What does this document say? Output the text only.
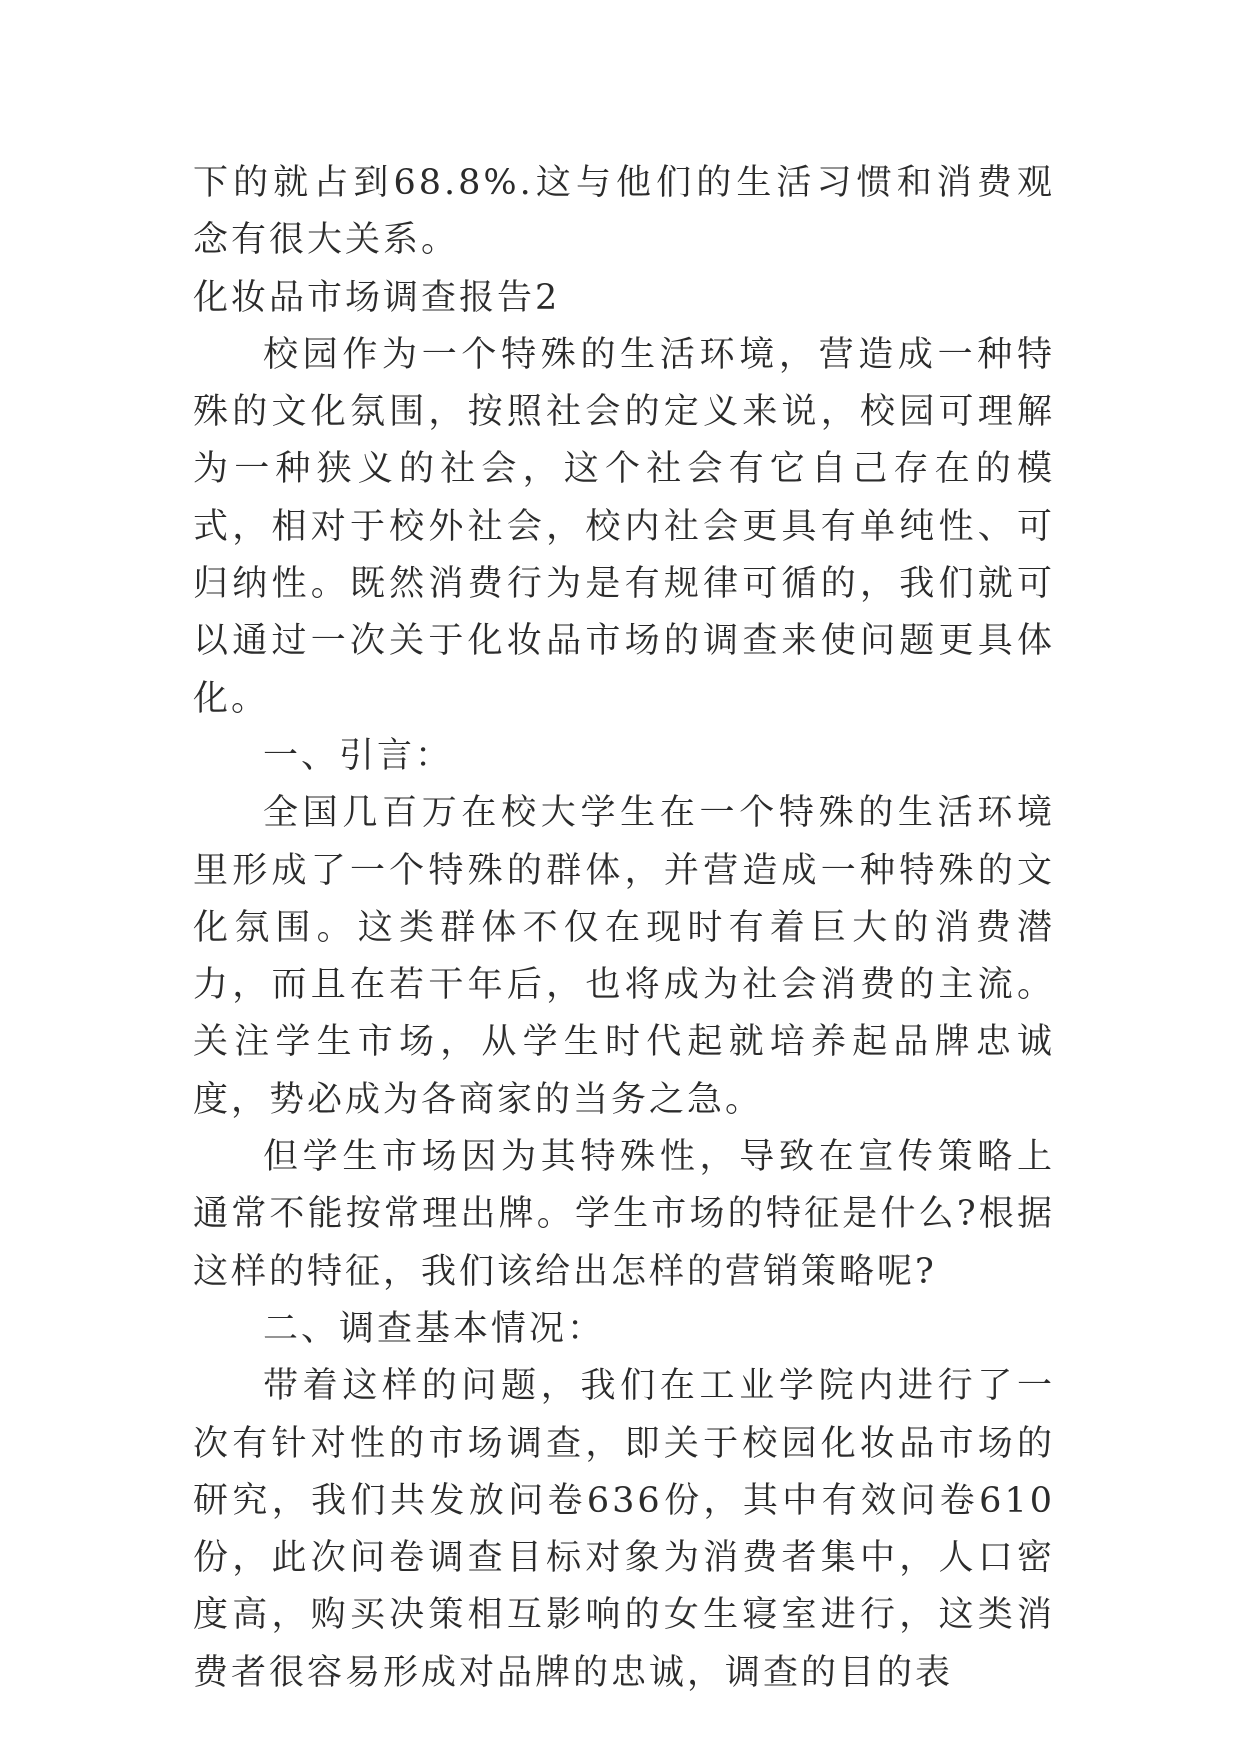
下的就占到68.8%.这与他们的生活习惯和消费观念有很大关系。

化妆品市场调查报告2

校园作为一个特殊的生活环境，营造成一种特殊的文化氛围，按照社会的定义来说，校园可理解为一种狭义的社会，这个社会有它自己存在的模式，相对于校外社会，校内社会更具有单纯性、可归纳性。既然消费行为是有规律可循的，我们就可以通过一次关于化妆品市场的调查来使问题更具体化。

一、引言：

全国几百万在校大学生在一个特殊的生活环境里形成了一个特殊的群体，并营造成一种特殊的文化氛围。这类群体不仅在现时有着巨大的消费潜力，而且在若干年后，也将成为社会消费的主流。关注学生市场，从学生时代起就培养起品牌忠诚度，势必成为各商家的当务之急。

但学生市场因为其特殊性，导致在宣传策略上通常不能按常理出牌。学生市场的特征是什么?根据这样的特征，我们该给出怎样的营销策略呢?

二、调查基本情况：

带着这样的问题，我们在工业学院内进行了一次有针对性的市场调查，即关于校园化妆品市场的研究，我们共发放问卷636份，其中有效问卷610份，此次问卷调查目标对象为消费者集中，人口密度高，购买决策相互影响的女生寝室进行，这类消费者很容易形成对品牌的忠诚，调查的目的表
